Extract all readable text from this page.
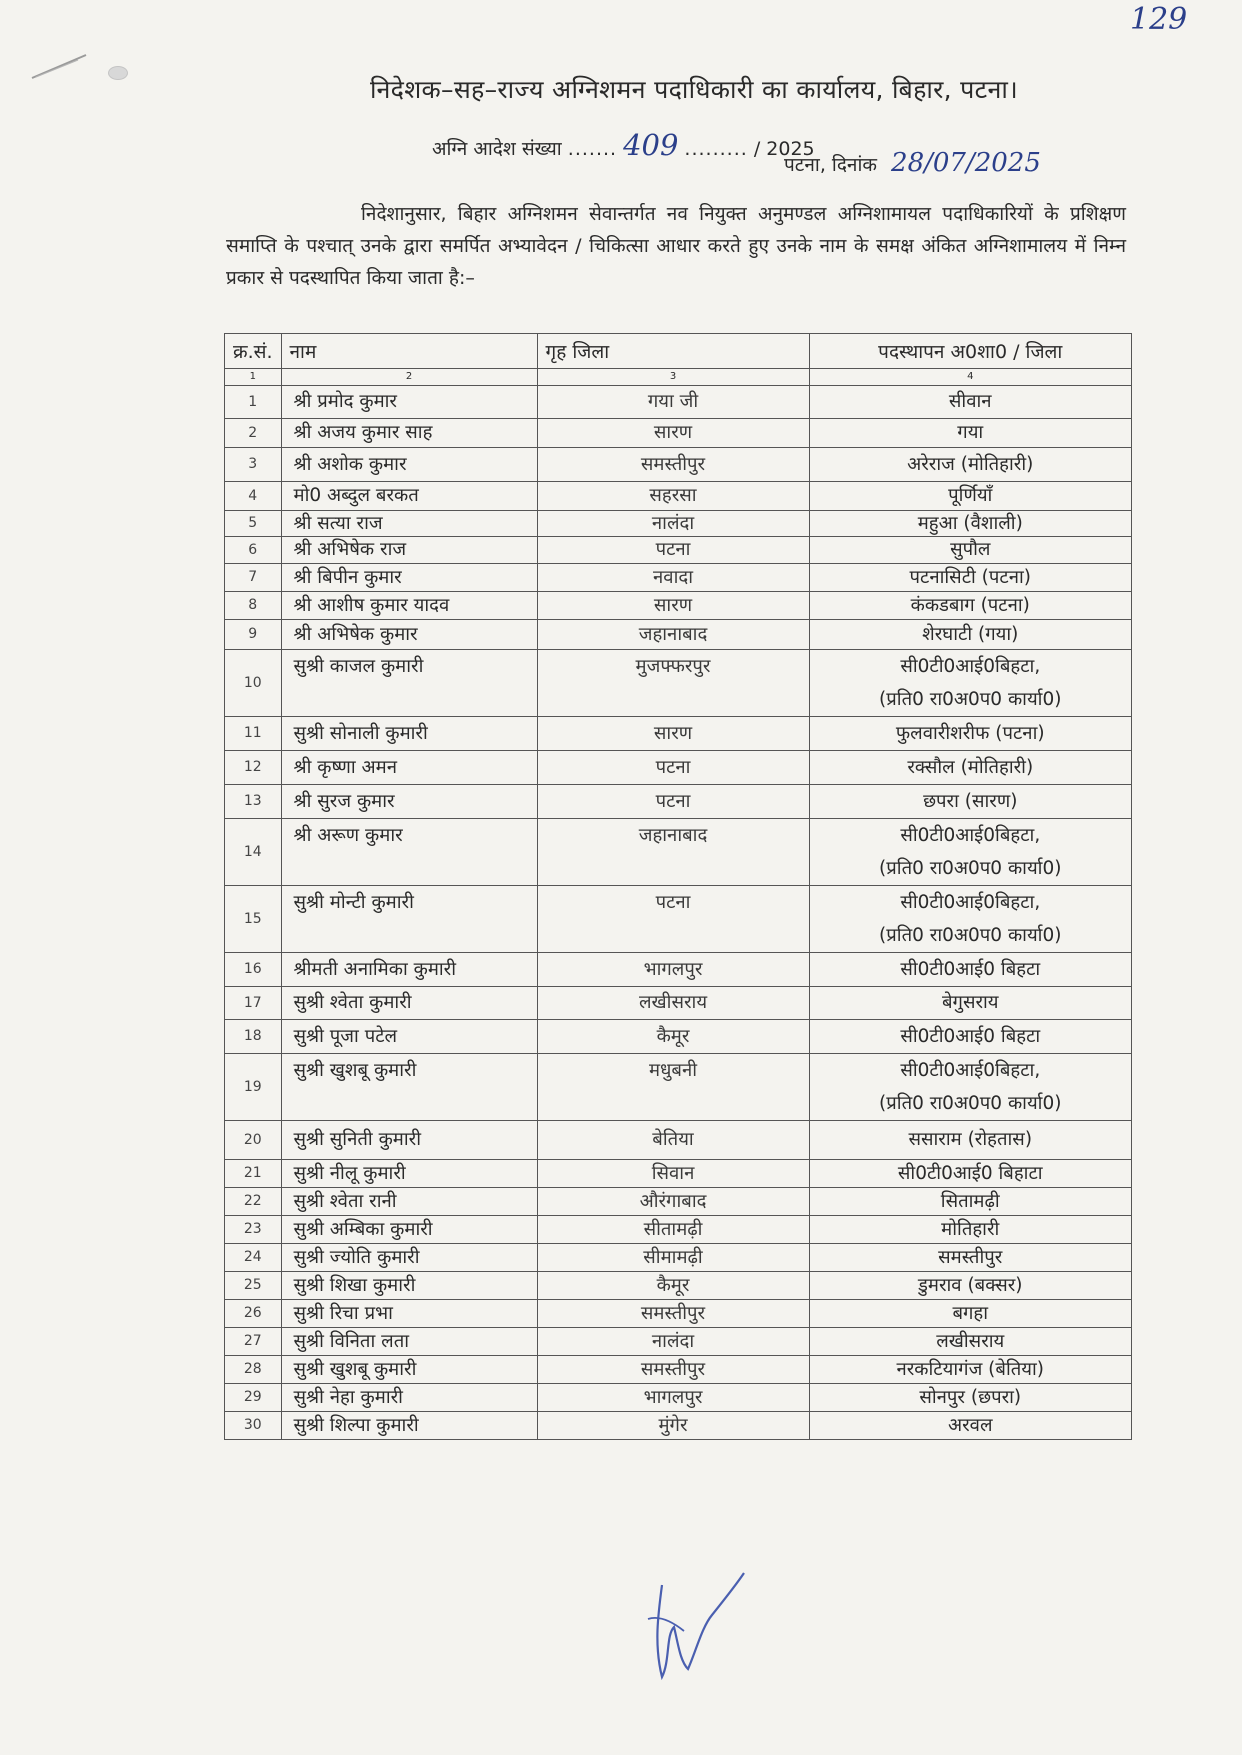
129
निदेशक–सह–राज्य अग्निशमन पदाधिकारी का कार्यालय, बिहार, पटना।
अग्नि आदेश संख्या ....... 409 ......... / 2025
पटना, दिनांक 28/07/2025
निदेशानुसार, बिहार अग्निशमन सेवान्तर्गत नव नियुक्त अनुमण्डल अग्निशामायल पदाधिकारियों के प्रशिक्षण समाप्ति के पश्चात् उनके द्वारा समर्पित अभ्यावेदन / चिकित्सा आधार करते हुए उनके नाम के समक्ष अंकित अग्निशामालय में निम्न प्रकार से पदस्थापित किया जाता है:–
क्र.सं.	नाम	गृह जिला	पदस्थापन अ0शा0 / जिला
1	2	3	4
1	श्री प्रमोद कुमार	गया जी	सीवान

2	श्री अजय कुमार साह	सारण	गया

3	श्री अशोक कुमार	समस्तीपुर	अरेराज (मोतिहारी)

4	मो0 अब्दुल बरकत	सहरसा	पूर्णियाँ

5	श्री सत्या राज	नालंदा	महुआ (वैशाली)

6	श्री अभिषेक राज	पटना	सुपौल

7	श्री बिपीन कुमार	नवादा	पटनासिटी (पटना)

8	श्री आशीष कुमार यादव	सारण	कंकडबाग (पटना)

9	श्री अभिषेक कुमार	जहानाबाद	शेरघाटी (गया)

10	सुश्री काजल कुमारी	मुजफ्फरपुर	सी0टी0आई0बिहटा,
(प्रति0 रा0अ0प0 कार्या0)

11	सुश्री सोनाली कुमारी	सारण	फुलवारीशरीफ (पटना)

12	श्री कृष्णा अमन	पटना	रक्सौल (मोतिहारी)

13	श्री सुरज कुमार	पटना	छपरा (सारण)

14	श्री अरूण कुमार	जहानाबाद	सी0टी0आई0बिहटा,
(प्रति0 रा0अ0प0 कार्या0)

15	सुश्री मोन्टी कुमारी	पटना	सी0टी0आई0बिहटा,
(प्रति0 रा0अ0प0 कार्या0)

16	श्रीमती अनामिका कुमारी	भागलपुर	सी0टी0आई0 बिहटा

17	सुश्री श्वेता कुमारी	लखीसराय	बेगुसराय

18	सुश्री पूजा पटेल	कैमूर	सी0टी0आई0 बिहटा

19	सुश्री खुशबू कुमारी	मधुबनी	सी0टी0आई0बिहटा,
(प्रति0 रा0अ0प0 कार्या0)

20	सुश्री सुनिती कुमारी	बेतिया	ससाराम (रोहतास)

21	सुश्री नीलू कुमारी	सिवान	सी0टी0आई0 बिहाटा

22	सुश्री श्वेता रानी	औरंगाबाद	सितामढ़ी

23	सुश्री अम्बिका कुमारी	सीतामढ़ी	मोतिहारी

24	सुश्री ज्योति कुमारी	सीमामढ़ी	समस्तीपुर

25	सुश्री शिखा कुमारी	कैमूर	डुमराव (बक्सर)

26	सुश्री रिचा प्रभा	समस्तीपुर	बगहा

27	सुश्री विनिता लता	नालंदा	लखीसराय

28	सुश्री खुशबू कुमारी	समस्तीपुर	नरकटियागंज (बेतिया)

29	सुश्री नेहा कुमारी	भागलपुर	सोनपुर (छपरा)

30	सुश्री शिल्पा कुमारी	मुंगेर	अरवल
